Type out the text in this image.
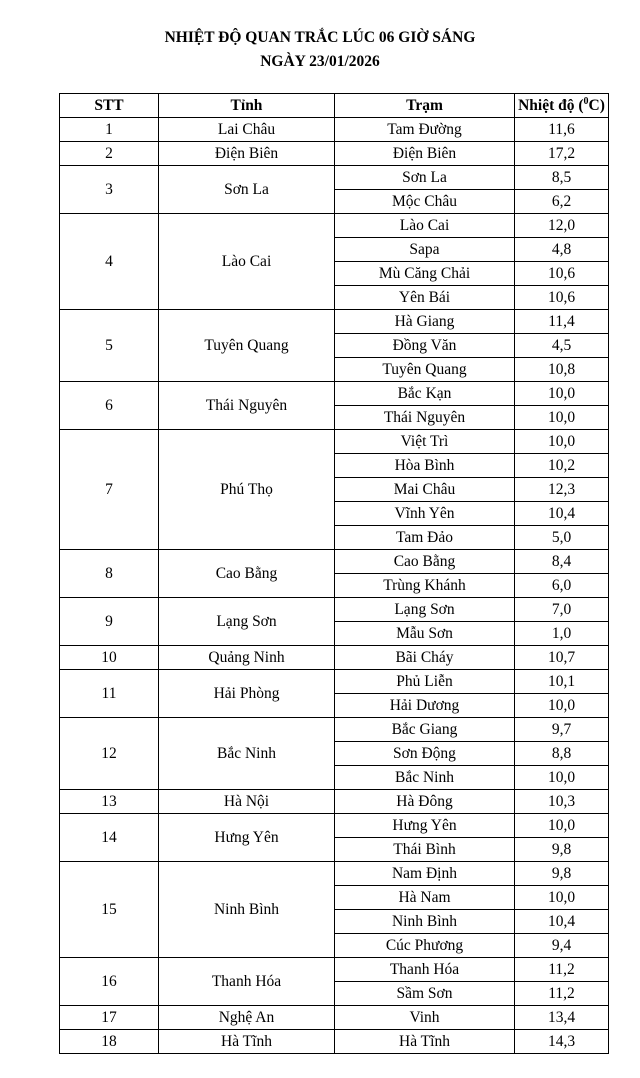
NHIỆT ĐỘ QUAN TRẮC LÚC 06 GIỜ SÁNG
NGÀY 23/01/2026
STT	Tỉnh	Trạm	Nhiệt độ ($^0$C)
1	Lai Châu	Tam Đường	11,6
2	Điện Biên	Điện Biên	17,2
3	Sơn La	Sơn La	8,5
		Mộc Châu	6,2
4	Lào Cai	Lào Cai	12,0
		Sapa	4,8
		Mù Căng Chải	10,6
		Yên Bái	10,6
5	Tuyên Quang	Hà Giang	11,4
		Đồng Văn	4,5
		Tuyên Quang	10,8
6	Thái Nguyên	Bắc Kạn	10,0
		Thái Nguyên	10,0
7	Phú Thọ	Việt Trì	10,0
		Hòa Bình	10,2
		Mai Châu	12,3
		Vĩnh Yên	10,4
		Tam Đảo	5,0
8	Cao Bằng	Cao Bằng	8,4
		Trùng Khánh	6,0
9	Lạng Sơn	Lạng Sơn	7,0
		Mẫu Sơn	1,0
10	Quảng Ninh	Bãi Cháy	10,7
11	Hải Phòng	Phủ Liễn	10,1
		Hải Dương	10,0
12	Bắc Ninh	Bắc Giang	9,7
		Sơn Động	8,8
		Bắc Ninh	10,0
13	Hà Nội	Hà Đông	10,3
14	Hưng Yên	Hưng Yên	10,0
		Thái Bình	9,8
15	Ninh Bình	Nam Định	9,8
		Hà Nam	10,0
		Ninh Bình	10,4
		Cúc Phương	9,4
16	Thanh Hóa	Thanh Hóa	11,2
		Sầm Sơn	11,2
17	Nghệ An	Vinh	13,4
18	Hà Tĩnh	Hà Tĩnh	14,3
